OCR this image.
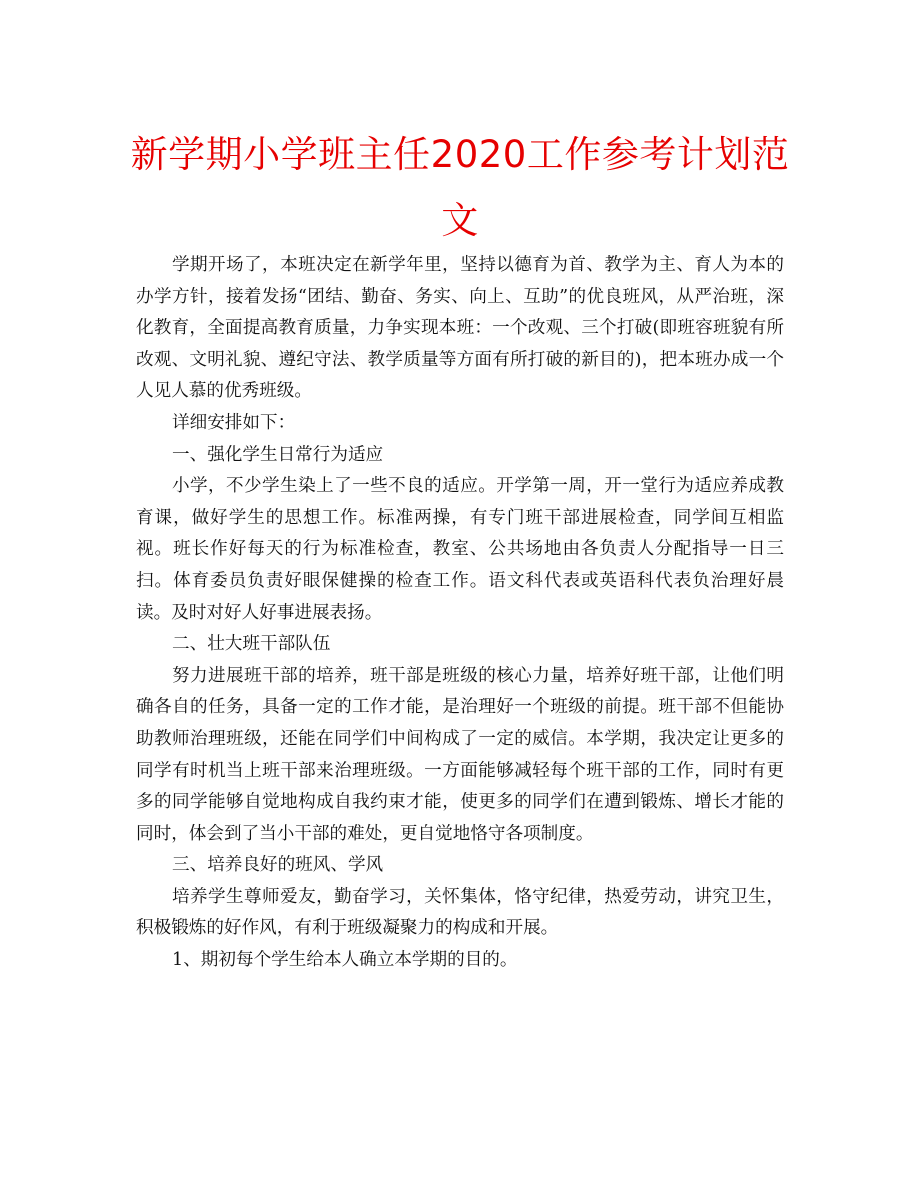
新学期小学班主任2020工作参考计划范文

学期开场了，本班决定在新学年里，坚持以德育为首、教学为主、育人为本的办学方针，接着发扬“团结、勤奋、务实、向上、互助”的优良班风，从严治班，深化教育，全面提高教育质量，力争实现本班：一个改观、三个打破(即班容班貌有所改观、文明礼貌、遵纪守法、教学质量等方面有所打破的新目的)，把本班办成一个人见人慕的优秀班级。

详细安排如下：

一、强化学生日常行为适应

小学，不少学生染上了一些不良的适应。开学第一周，开一堂行为适应养成教育课，做好学生的思想工作。标准两操，有专门班干部进展检查，同学间互相监视。班长作好每天的行为标准检查，教室、公共场地由各负责人分配指导一日三扫。体育委员负责好眼保健操的检查工作。语文科代表或英语科代表负治理好晨读。及时对好人好事进展表扬。

二、壮大班干部队伍

努力进展班干部的培养，班干部是班级的核心力量，培养好班干部，让他们明确各自的任务，具备一定的工作才能，是治理好一个班级的前提。班干部不但能协助教师治理班级，还能在同学们中间构成了一定的威信。本学期，我决定让更多的同学有时机当上班干部来治理班级。一方面能够减轻每个班干部的工作，同时有更多的同学能够自觉地构成自我约束才能，使更多的同学们在遭到锻炼、增长才能的同时，体会到了当小干部的难处，更自觉地恪守各项制度。

三、培养良好的班风、学风

培养学生尊师爱友，勤奋学习，关怀集体，恪守纪律，热爱劳动，讲究卫生，积极锻炼的好作风，有利于班级凝聚力的构成和开展。

1、期初每个学生给本人确立本学期的目的。
